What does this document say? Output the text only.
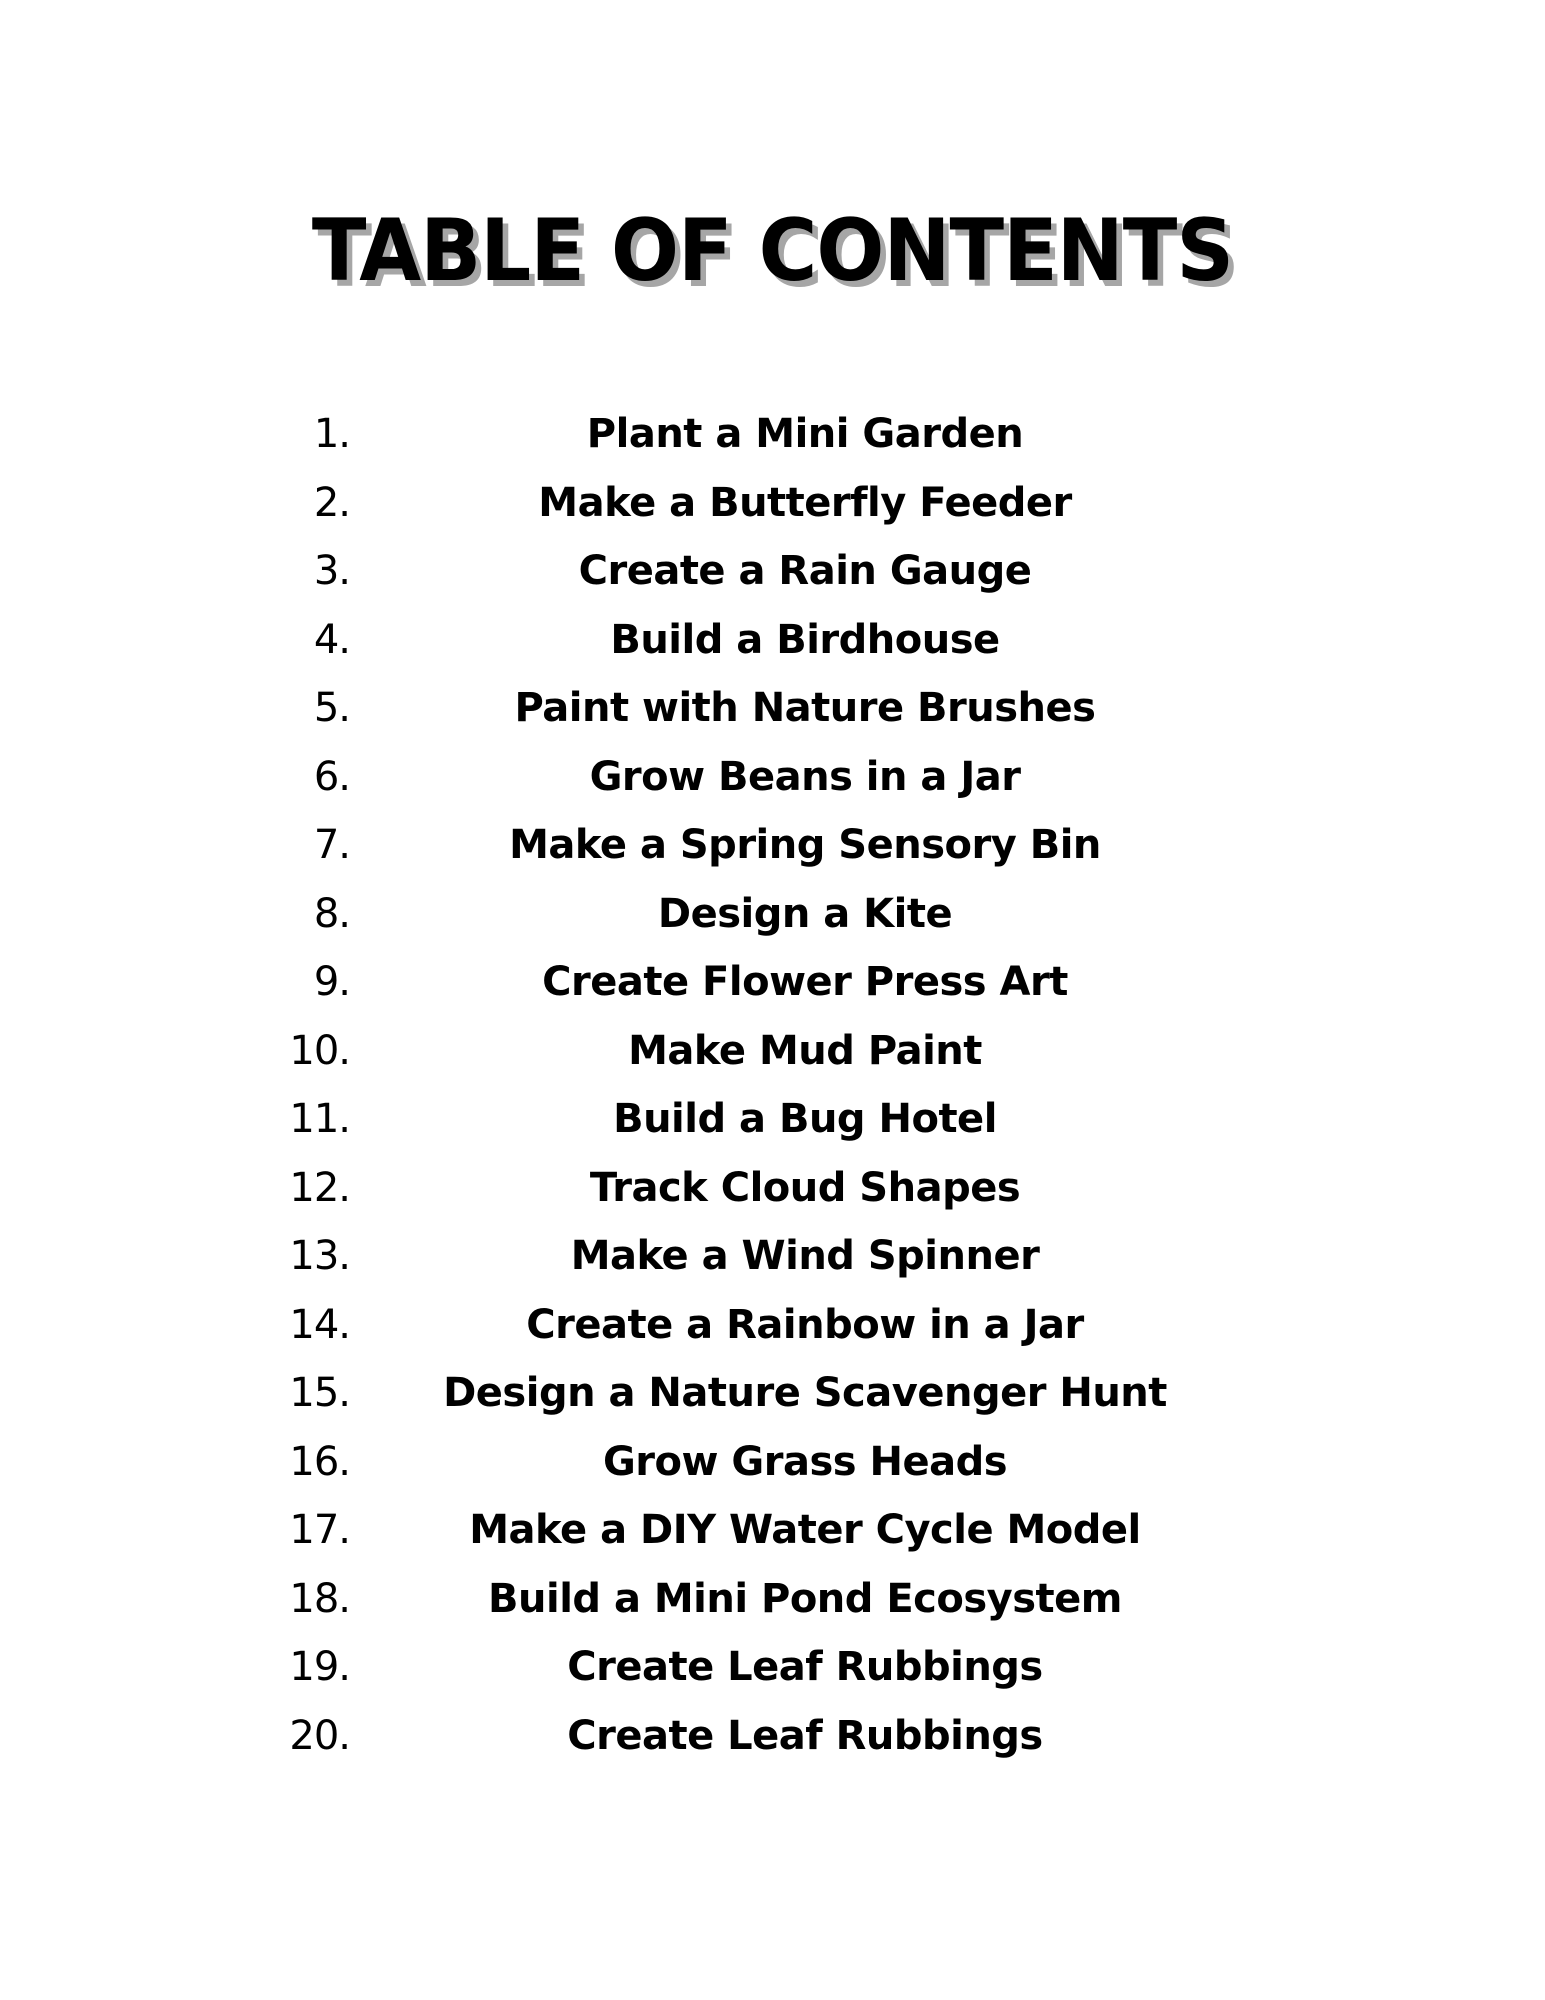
TABLE OF CONTENTS
1.	Plant a Mini Garden
2.	Make a Butterfly Feeder
3.	Create a Rain Gauge
4.	Build a Birdhouse
5.	Paint with Nature Brushes
6.	Grow Beans in a Jar
7.	Make a Spring Sensory Bin
8.	Design a Kite
9.	Create Flower Press Art
10.	Make Mud Paint
11.	Build a Bug Hotel
12.	Track Cloud Shapes
13.	Make a Wind Spinner
14.	Create a Rainbow in a Jar
15.	Design a Nature Scavenger Hunt
16.	Grow Grass Heads
17.	Make a DIY Water Cycle Model
18.	Build a Mini Pond Ecosystem
19.	Create Leaf Rubbings
20.	Create Leaf Rubbings
